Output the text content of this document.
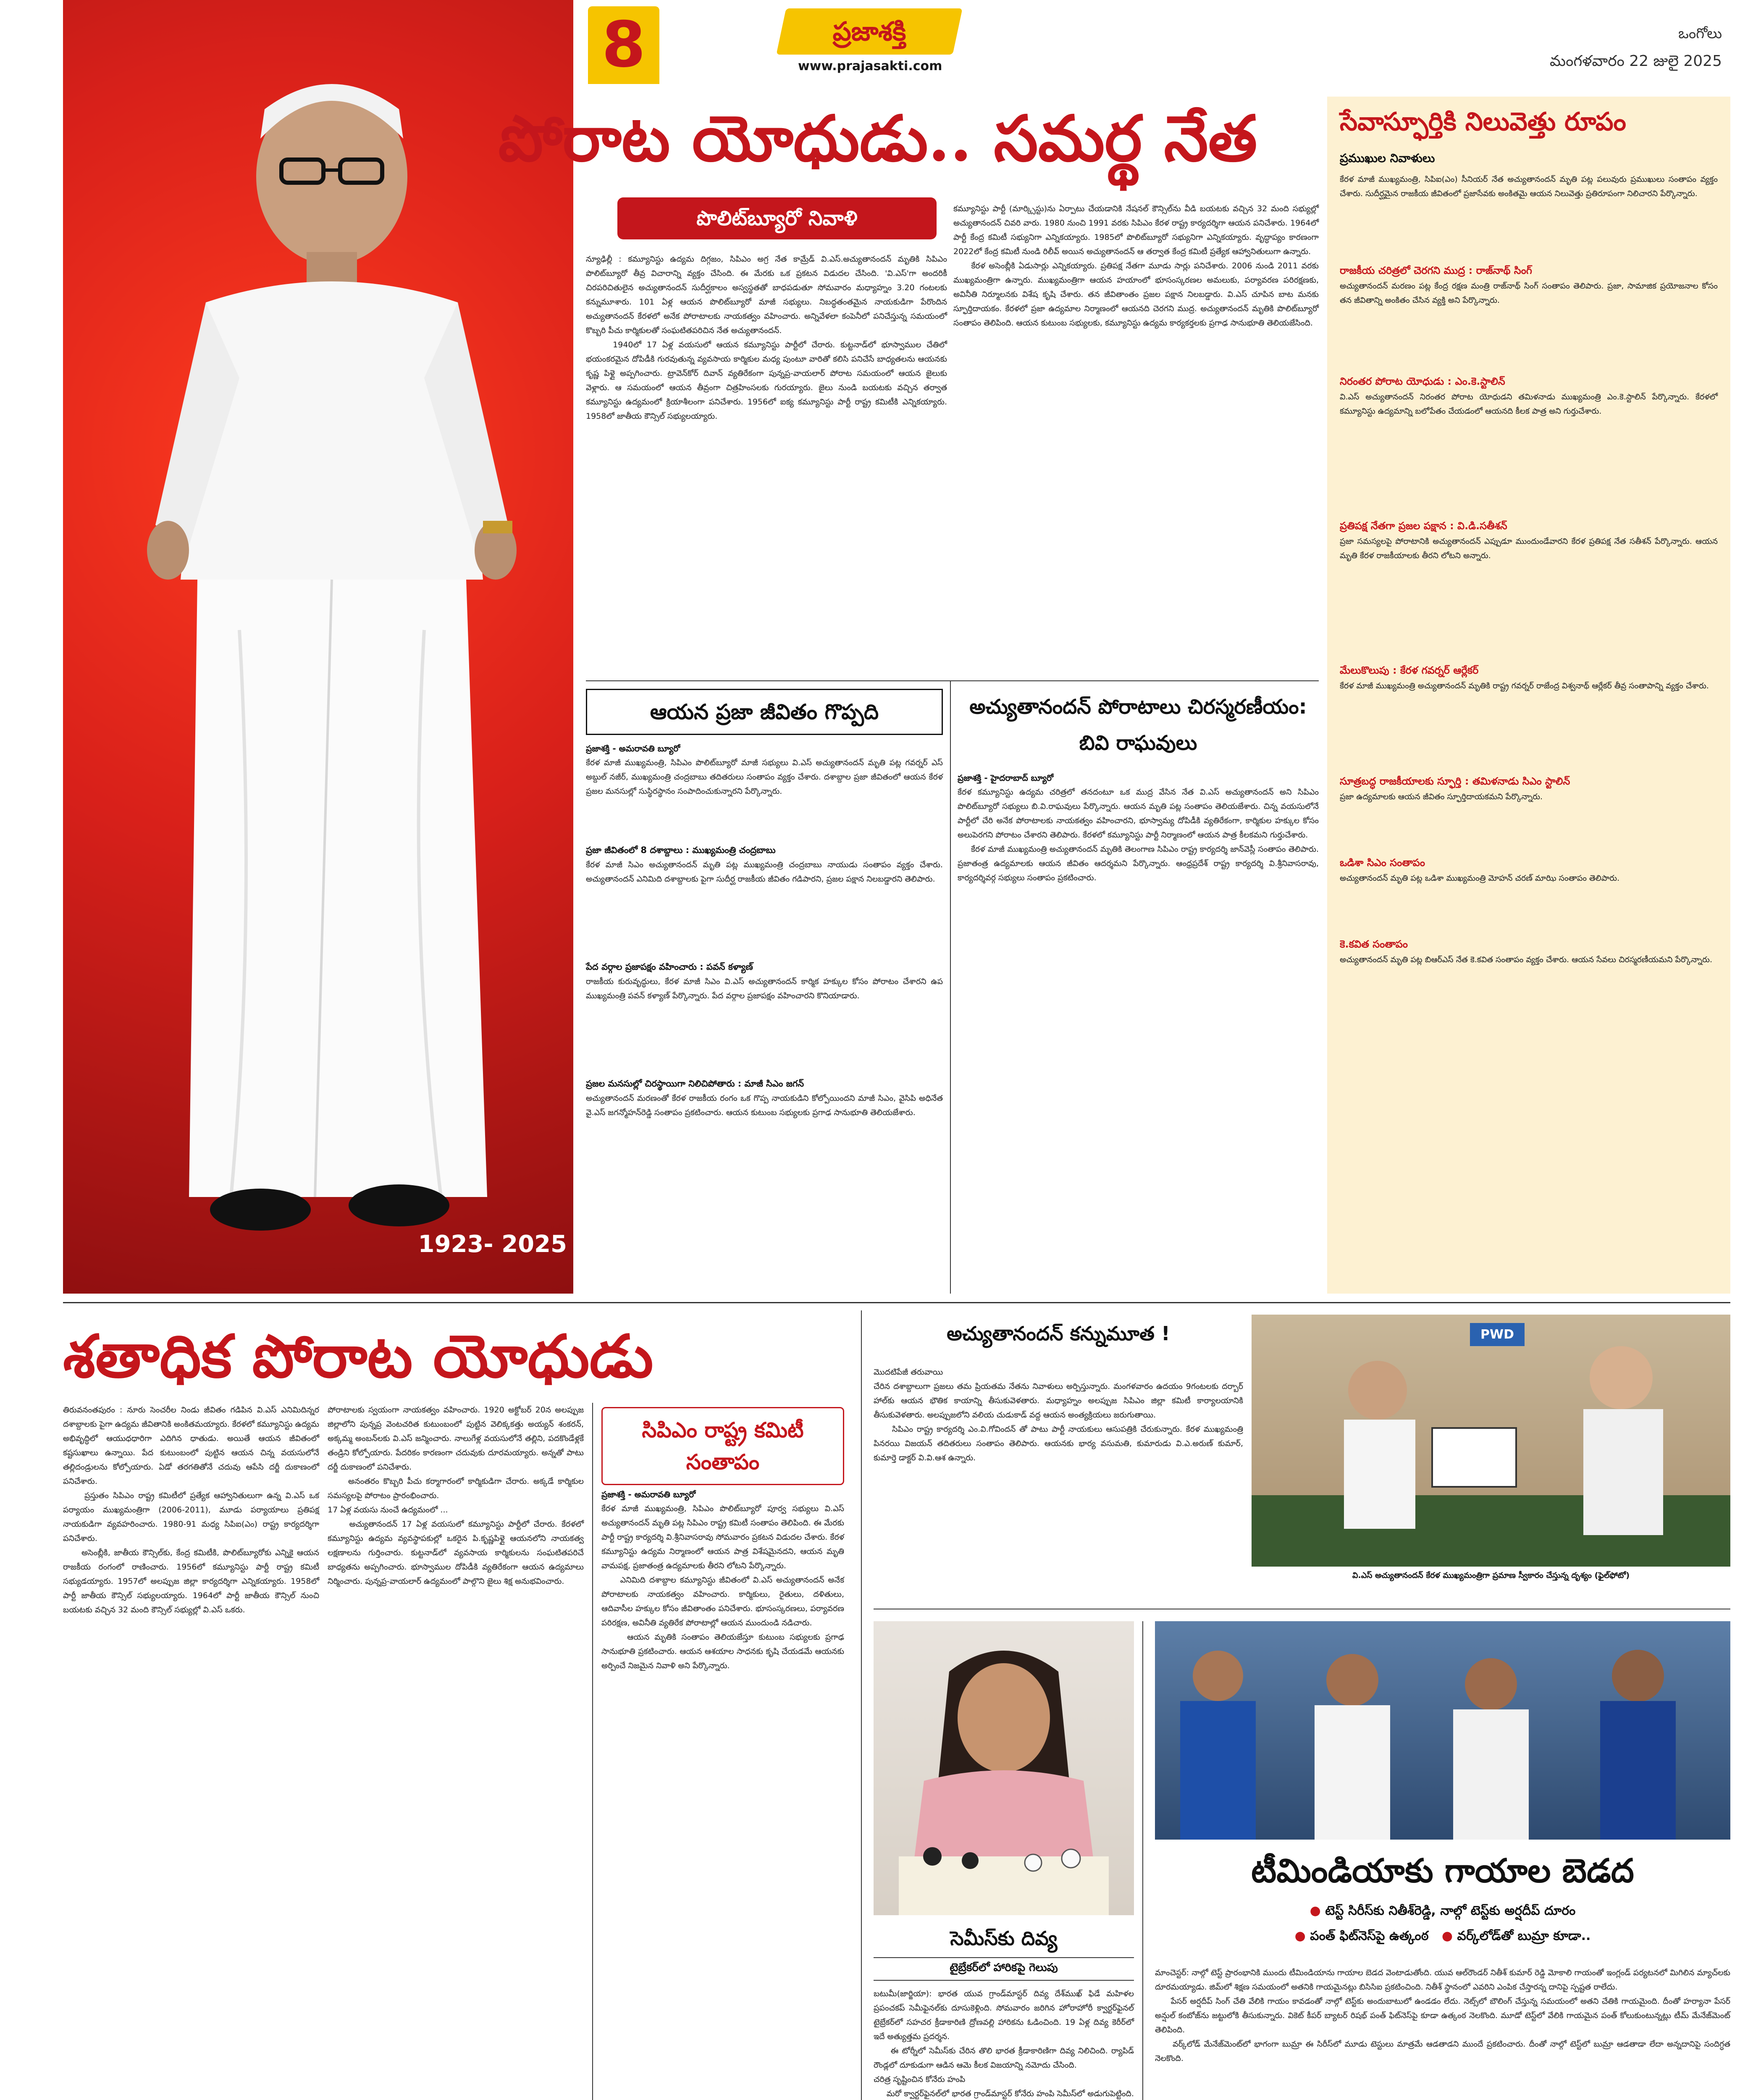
8	ప్రజాశక్తి
www.prajasakti.com
ఒంగోలు
మంగళవారం 22 జులై 2025
1923- 2025
పోరాట యోధుడు.. సమర్థ నేత
పొలిట్‌బ్యూరో నివాళి
న్యూఢిల్లీ : కమ్యూనిస్టు ఉద్యమ దిగ్గజం, సిపిఎం అగ్ర నేత కామ్రేడ్ వి.ఎస్.అచ్యుతానందన్ మృతికి సిపిఎం పొలిట్‌బ్యూరో తీవ్ర విచారాన్ని వ్యక్తం చేసింది. ఈ మేరకు ఒక ప్రకటన విడుదల చేసింది. 'వి.ఎస్'గా అందరికీ చిరపరిచితులైన అచ్యుతానందన్ సుదీర్ఘకాలం అస్వస్థతతో బాధపడుతూ సోమవారం మధ్యాహ్నం 3.20 గంటలకు కన్నుమూశారు. 101 ఏళ్ల ఆయన పొలిట్‌బ్యూరో మాజీ సభ్యులు. నిబద్ధతంతమైన నాయకుడిగా పేరొందిన అచ్యుతానందన్ కేరళలో అనేక పోరాటాలకు నాయకత్వం వహించారు. అన్నివేళలా కంపెనీలో పనిచేస్తున్న సమయంలో కొబ్బరి పీచు కార్మికులతో సంఘటితపరిచిన నేత అచ్యుతానందన్.
1940లో 17 ఏళ్ల వయసులో ఆయన కమ్యూనిస్టు పార్టీలో చేరారు. కుట్టనాడ్‌లో భూస్వాముల చేతిలో భయంకరమైన దోపిడీకి గురవుతున్న వ్యవసాయ కార్మికుల మధ్య పుంటూ వారితో కలిసి పనిచేసే బాధ్యతలను ఆయనకు కృష్ణ పిళ్లై అప్పగించారు. ట్రావెన్‌కోర్ దివాన్ వ్యతిరేకంగా పున్నప్ర-వాయలార్ పోరాట సమయంలో ఆయన జైలుకు వెళ్లారు. ఆ సమయంలో ఆయన తీవ్రంగా చిత్రహింసలకు గురయ్యారు. జైలు నుండి బయటకు వచ్చిన తర్వాత కమ్యూనిస్టు ఉద్యమంలో క్రియాశీలంగా పనిచేశారు. 1956లో ఐక్య కమ్యూనిస్టు పార్టీ రాష్ట్ర కమిటీకి ఎన్నికయ్యారు. 1958లో జాతీయ కౌన్సిల్ సభ్యులయ్యారు.
కమ్యూనిస్టు పార్టీ (మార్క్సిస్టు)ను ఏర్పాటు చేయడానికి నేషనల్ కౌన్సిల్‌ను వీడి బయటకు వచ్చిన 32 మంది సభ్యుల్లో అచ్యుతానందన్ చివరి వారు. 1980 నుంచి 1991 వరకు సిపిఎం కేరళ రాష్ట్ర కార్యదర్శిగా ఆయన పనిచేశారు. 1964లో పార్టీ కేంద్ర కమిటీ సభ్యునిగా ఎన్నికయ్యారు. 1985లో పొలిట్‌బ్యూరో సభ్యునిగా ఎన్నికయ్యారు. వృద్ధాప్యం కారణంగా 2022లో కేంద్ర కమిటీ నుండి రిలీవ్ అయిన అచ్యుతానందన్ ఆ తర్వాత కేంద్ర కమిటీ ప్రత్యేక ఆహ్వానితులుగా ఉన్నారు.
కేరళ అసెంబ్లీకి ఏడుసార్లు ఎన్నికయ్యారు. ప్రతిపక్ష నేతగా మూడు సార్లు పనిచేశారు. 2006 నుండి 2011 వరకు ముఖ్యమంత్రిగా ఉన్నారు. ముఖ్యమంత్రిగా ఆయన హయాంలో భూసంస్కరణల అమలుకు, పర్యావరణ పరిరక్షణకు, అవినీతి నిర్మూలనకు విశేష కృషి చేశారు. తన జీవితాంతం ప్రజల పక్షాన నిలబడ్డారు. వి.ఎస్ చూపిన బాట మనకు స్ఫూర్తిదాయకం. కేరళలో ప్రజా ఉద్యమాల నిర్మాణంలో ఆయనది చెరగని ముద్ర. అచ్యుతానందన్ మృతికి పొలిట్‌బ్యూరో సంతాపం తెలిపింది. ఆయన కుటుంబ సభ్యులకు, కమ్యూనిస్టు ఉద్యమ కార్యకర్తలకు ప్రగాఢ సానుభూతి తెలియజేసింది.
సేవాస్ఫూర్తికి నిలువెత్తు రూపం
ప్రముఖుల నివాళులు
కేరళ మాజీ ముఖ్యమంత్రి, సిపిఐ(ఎం) సీనియర్ నేత అచ్యుతానందన్ మృతి పట్ల పలువురు ప్రముఖులు సంతాపం వ్యక్తం చేశారు. సుదీర్ఘమైన రాజకీయ జీవితంలో ప్రజాసేవకు అంకితమై ఆయన నిలువెత్తు ప్రతిరూపంగా నిలిచారని పేర్కొన్నారు.
రాజకీయ చరిత్రలో చెరగని ముద్ర : రాజ్‌నాథ్ సింగ్
అచ్యుతానందన్ మరణం పట్ల కేంద్ర రక్షణ మంత్రి రాజ్‌నాథ్ సింగ్ సంతాపం తెలిపారు. ప్రజా, సామాజిక ప్రయోజనాల కోసం తన జీవితాన్ని అంకితం చేసిన వ్యక్తి అని పేర్కొన్నారు.
నిరంతర పోరాట యోధుడు : ఎం.కె.స్టాలిన్
వి.ఎస్ అచ్యుతానందన్ నిరంతర పోరాట యోధుడని తమిళనాడు ముఖ్యమంత్రి ఎం.కె.స్టాలిన్ పేర్కొన్నారు. కేరళలో కమ్యూనిస్టు ఉద్యమాన్ని బలోపేతం చేయడంలో ఆయనది కీలక పాత్ర అని గుర్తుచేశారు.
ప్రతిపక్ష నేతగా ప్రజల పక్షాన : వి.డి.సతీశన్
ప్రజా సమస్యలపై పోరాటానికి అచ్యుతానందన్ ఎప్పుడూ ముందుండేవారని కేరళ ప్రతిపక్ష నేత సతీశన్ పేర్కొన్నారు. ఆయన మృతి కేరళ రాజకీయాలకు తీరని లోటని అన్నారు.
మేలుకొలుపు : కేరళ గవర్నర్ ఆర్లేకర్
కేరళ మాజీ ముఖ్యమంత్రి అచ్యుతానందన్ మృతికి రాష్ట్ర గవర్నర్ రాజేంద్ర విశ్వనాథ్ ఆర్లేకర్ తీవ్ర సంతాపాన్ని వ్యక్తం చేశారు.
సూత్రబద్ధ రాజకీయాలకు స్ఫూర్తి : తమిళనాడు సిఎం స్టాలిన్
ప్రజా ఉద్యమాలకు ఆయన జీవితం స్ఫూర్తిదాయకమని పేర్కొన్నారు.
ఒడిశా సిఎం సంతాపం
అచ్యుతానందన్ మృతి పట్ల ఒడిశా ముఖ్యమంత్రి మోహన్ చరణ్ మాఝి సంతాపం తెలిపారు.
కె.కవిత సంతాపం
అచ్యుతానందన్ మృతి పట్ల బిఆర్ఎస్ నేత కె.కవిత సంతాపం వ్యక్తం చేశారు. ఆయన సేవలు చిరస్మరణీయమని పేర్కొన్నారు.
ఆయన ప్రజా జీవితం గొప్పది
ప్రజాశక్తి - అమరావతి బ్యూరో
కేరళ మాజీ ముఖ్యమంత్రి, సిపిఎం పొలిట్‌బ్యూరో మాజీ సభ్యులు వి.ఎస్ అచ్యుతానందన్ మృతి పట్ల గవర్నర్ ఎస్ అబ్దుల్ నజీర్, ముఖ్యమంత్రి చంద్రబాబు తదితరులు సంతాపం వ్యక్తం చేశారు. దశాబ్దాల ప్రజా జీవితంలో ఆయన కేరళ ప్రజల మనసుల్లో సుస్థిరస్థానం సంపాదించుకున్నారని పేర్కొన్నారు.
ప్రజా జీవితంలో 8 దశాబ్దాలు : ముఖ్యమంత్రి చంద్రబాబు
కేరళ మాజీ సిఎం అచ్యుతానందన్ మృతి పట్ల ముఖ్యమంత్రి చంద్రబాబు నాయుడు సంతాపం వ్యక్తం చేశారు. అచ్యుతానందన్ ఎనిమిది దశాబ్దాలకు పైగా సుదీర్ఘ రాజకీయ జీవితం గడిపారని, ప్రజల పక్షాన నిలబడ్డారని తెలిపారు.
పేద వర్గాల ప్రజాపక్షం వహించారు : పవన్ కళ్యాణ్
రాజకీయ కురువృద్ధులు, కేరళ మాజీ సిఎం వి.ఎస్ అచ్యుతానందన్ కార్మిక హక్కుల కోసం పోరాటం చేశారని ఉప ముఖ్యమంత్రి పవన్ కళ్యాణ్ పేర్కొన్నారు. పేద వర్గాల ప్రజాపక్షం వహించారని కొనియాడారు.
ప్రజల మనసుల్లో చిరస్థాయిగా నిలిచిపోతారు : మాజీ సిఎం జగన్
అచ్యుతానందన్ మరణంతో కేరళ రాజకీయ రంగం ఒక గొప్ప నాయకుడిని కోల్పోయిందని మాజీ సిఎం, వైసిపి అధినేత వై.ఎస్ జగన్మోహన్‌రెడ్డి సంతాపం ప్రకటించారు. ఆయన కుటుంబ సభ్యులకు ప్రగాఢ సానుభూతి తెలియజేశారు.
అచ్యుతానందన్ పోరాటాలు చిరస్మరణీయం: బివి రాఘవులు
ప్రజాశక్తి - హైదరాబాద్ బ్యూరో
కేరళ కమ్యూనిస్టు ఉద్యమ చరిత్రలో తనదంటూ ఒక ముద్ర వేసిన నేత వి.ఎస్ అచ్యుతానందన్ అని సిపిఎం పొలిట్‌బ్యూరో సభ్యులు బి.వి.రాఘవులు పేర్కొన్నారు. ఆయన మృతి పట్ల సంతాపం తెలియజేశారు. చిన్న వయసులోనే పార్టీలో చేరి అనేక పోరాటాలకు నాయకత్వం వహించారని, భూస్వామ్య దోపిడీకి వ్యతిరేకంగా, కార్మికుల హక్కుల కోసం అలుపెరగని పోరాటం చేశారని తెలిపారు. కేరళలో కమ్యూనిస్టు పార్టీ నిర్మాణంలో ఆయన పాత్ర కీలకమని గుర్తుచేశారు.
కేరళ మాజీ ముఖ్యమంత్రి అచ్యుతానందన్ మృతికి తెలంగాణ సిపిఎం రాష్ట్ర కార్యదర్శి జాన్‌వెస్లీ సంతాపం తెలిపారు. ప్రజాతంత్ర ఉద్యమాలకు ఆయన జీవితం ఆదర్శమని పేర్కొన్నారు. ఆంధ్రప్రదేశ్ రాష్ట్ర కార్యదర్శి వి.శ్రీనివాసరావు, కార్యదర్శివర్గ సభ్యులు సంతాపం ప్రకటించారు.
శతాధిక పోరాట యోధుడు
తిరువనంతపురం : నూరు సెంచరీల నిండు జీవితం గడిపిన వి.ఎస్ ఎనిమిదిన్నర దశాబ్దాలకు పైగా ఉద్యమ జీవితానికి అంకితమయ్యారు. కేరళలో కమ్యూనిస్టు ఉద్యమ అభివృద్ధిలో ఆయుధధారిగా ఎదిగిన ధాతుడు. అయితే ఆయన జీవితంలో కష్టసుఖాలు ఉన్నాయి. పేద కుటుంబంలో పుట్టిన ఆయన చిన్న వయసులోనే తల్లిదండ్రులను కోల్పోయారు. ఏడో తరగతితోనే చదువు ఆపేసి దర్జీ దుకాణంలో పనిచేశారు.
ప్రస్తుతం సిపిఎం రాష్ట్ర కమిటీలో ప్రత్యేక ఆహ్వానితులుగా ఉన్న వి.ఎస్ ఒక పర్యాయం ముఖ్యమంత్రిగా (2006-2011), మూడు పర్యాయాలు ప్రతిపక్ష నాయకుడిగా వ్యవహరించారు. 1980-91 మధ్య సిపిఐ(ఎం) రాష్ట్ర కార్యదర్శిగా పనిచేశారు.
అసెంబ్లీకి, జాతీయ కౌన్సిల్‌కు, కేంద్ర కమిటీకి, పొలిట్‌బ్యూరోకు ఎన్నికై ఆయన రాజకీయ రంగంలో రాణించారు. 1956లో కమ్యూనిస్టు పార్టీ రాష్ట్ర కమిటీ సభ్యుడయ్యారు. 1957లో అలప్పుజ జిల్లా కార్యదర్శిగా ఎన్నికయ్యారు. 1958లో పార్టీ జాతీయ కౌన్సిల్ సభ్యులయ్యారు. 1964లో పార్టీ జాతీయ కౌన్సిల్ నుంచి బయటకు వచ్చిన 32 మంది కౌన్సిల్ సభ్యుల్లో వి.ఎస్ ఒకరు.
పోరాటాలకు స్వయంగా నాయకత్వం వహించారు. 1920 అక్టోబర్ 20న అలప్పుజ జిల్లాలోని పున్నప్ర వెంటచరిత కుటుంబంలో పుట్టిన వెలిక్కకత్తు అయ్యన్ శంకరన్, అక్కమ్మ అంబన్‌లకు వి.ఎస్ జన్మించారు. నాలుగేళ్ల వయసులోనే తల్లిని, పదకొండేళ్లకే తండ్రిని కోల్పోయారు. పేదరికం కారణంగా చదువుకు దూరమయ్యారు. అన్నతో పాటు దర్జీ దుకాణంలో పనిచేశారు.
అనంతరం కొబ్బరి పీచు కర్మాగారంలో కార్మికుడిగా చేరారు. అక్కడే కార్మికుల సమస్యలపై పోరాటం ప్రారంభించారు.
17 ఏళ్ల వయసు నుంచే ఉద్యమంలో ...
అచ్యుతానందన్ 17 ఏళ్ల వయసులో కమ్యూనిస్టు పార్టీలో చేరారు. కేరళలో కమ్యూనిస్టు ఉద్యమ వ్యవస్థాపకుల్లో ఒకరైన పి.కృష్ణపిళ్లై ఆయనలోని నాయకత్వ లక్షణాలను గుర్తించారు. కుట్టనాడ్‌లో వ్యవసాయ కార్మికులను సంఘటితపరిచే బాధ్యతను అప్పగించారు. భూస్వాముల దోపిడీకి వ్యతిరేకంగా ఆయన ఉద్యమాలు నిర్మించారు. పున్నప్ర-వాయలార్ ఉద్యమంలో పాల్గొని జైలు శిక్ష అనుభవించారు.
సిపిఎం రాష్ట్ర కమిటీ సంతాపం
ప్రజాశక్తి - అమరావతి బ్యూరో
కేరళ మాజీ ముఖ్యమంత్రి, సిపిఎం పొలిట్‌బ్యూరో పూర్వ సభ్యులు వి.ఎస్ అచ్యుతానందన్ మృతి పట్ల సిపిఎం రాష్ట్ర కమిటీ సంతాపం తెలిపింది. ఈ మేరకు పార్టీ రాష్ట్ర కార్యదర్శి వి.శ్రీనివాసరావు సోమవారం ప్రకటన విడుదల చేశారు. కేరళ కమ్యూనిస్టు ఉద్యమ నిర్మాణంలో ఆయన పాత్ర విశేషమైనదని, ఆయన మృతి వామపక్ష, ప్రజాతంత్ర ఉద్యమాలకు తీరని లోటని పేర్కొన్నారు.
ఎనిమిది దశాబ్దాల కమ్యూనిస్టు జీవితంలో వి.ఎస్ అచ్యుతానందన్ అనేక పోరాటాలకు నాయకత్వం వహించారు. కార్మికులు, రైతులు, దళితులు, ఆదివాసీల హక్కుల కోసం జీవితాంతం పనిచేశారు. భూసంస్కరణలు, పర్యావరణ పరిరక్షణ, అవినీతి వ్యతిరేక పోరాటాల్లో ఆయన ముందుండి నడిచారు.
ఆయన మృతికి సంతాపం తెలియజేస్తూ కుటుంబ సభ్యులకు ప్రగాఢ సానుభూతి ప్రకటించారు. ఆయన ఆశయాల సాధనకు కృషి చేయడమే ఆయనకు అర్పించే నిజమైన నివాళి అని పేర్కొన్నారు.
అచ్యుతానందన్ కన్నుమూత !
మొదటిపేజీ తరువాయి
చేరిన దశాబ్దాలుగా ప్రజలు తమ ప్రియతమ నేతను నివాళులు అర్పిస్తున్నారు. మంగళవారం ఉదయం 9గంటలకు దర్బార్ హాల్‌కు ఆయన భౌతిక కాయాన్ని తీసుకువెళతారు. మధ్యాహ్నం అలప్పుజ సిపిఎం జిల్లా కమిటీ కార్యాలయానికి తీసుకువెళతారు. అలప్పుజలోని వలియ చుడుకాడ్ వద్ద ఆయన అంత్యక్రియలు జరుగుతాయి.
సిపిఎం రాష్ట్ర కార్యదర్శి ఎం.వి.గోవిందన్ తో పాటు పార్టీ నాయకులు ఆసుపత్రికి చేరుకున్నారు. కేరళ ముఖ్యమంత్రి పినరయి విజయన్ తదితరులు సంతాపం తెలిపారు. ఆయనకు భార్య వసుమతి, కుమారుడు వి.ఎ.అరుణ్ కుమార్, కుమార్తె డాక్టర్ వి.వి.ఆశ ఉన్నారు.
PWD
వి.ఎస్ అచ్యుతానందన్ కేరళ ముఖ్యమంత్రిగా ప్రమాణ స్వీకారం చేస్తున్న దృశ్యం (ఫైల్‌ఫోటో)
సెమీస్‌కు దివ్య
టైబ్రేకర్‌లో హారికపై గెలుపు
బటుమీ(జార్జియా): భారత యువ గ్రాండ్‌మాస్టర్ దివ్య దేశ్‌ముఖ్ ఫిడే మహిళల ప్రపంచకప్ సెమీఫైనల్‌కు దూసుకెళ్లింది. సోమవారం జరిగిన హోరాహోరీ క్వార్టర్‌ఫైనల్ టైబ్రేకర్‌లో సహచర క్రీడాకారిణి ద్రోణవల్లి హారికను ఓడించింది. 19 ఏళ్ల దివ్య కెరీర్‌లో ఇదే అత్యుత్తమ ప్రదర్శన.
ఈ టోర్నీలో సెమీస్‌కు చేరిన తొలి భారత క్రీడాకారిణిగా దివ్య నిలిచింది. ర్యాపిడ్ రౌండ్లలో దూకుడుగా ఆడిన ఆమె కీలక విజయాన్ని నమోదు చేసింది.
చరిత్ర సృష్టించిన కోనేరు హంపి
మరో క్వార్టర్‌ఫైనల్‌లో భారత గ్రాండ్‌మాస్టర్ కోనేరు హంపి సెమీస్‌లో అడుగుపెట్టింది.
టీమిండియాకు గాయాల బెడద
● టెస్ట్ సిరీస్‌కు నితీశ్‌రెడ్డి, నాల్గో టెస్ట్‌కు అర్షదీప్ దూరం
● పంత్ ఫిట్‌నెస్‌పై ఉత్కంఠ ● వర్క్‌లోడ్‌తో బుమ్రా కూడా..
మాంచెస్టర్: నాల్గో టెస్ట్ ప్రారంభానికి ముందు టీమిండియాను గాయాల బెడద వెంటాడుతోంది. యువ ఆల్‌రౌండర్ నితీశ్ కుమార్ రెడ్డి మోకాలి గాయంతో ఇంగ్లండ్ పర్యటనలో మిగిలిన మ్యాచ్‌లకు దూరమయ్యాడు. జిమ్‌లో శిక్షణ సమయంలో అతనికి గాయమైనట్లు బిసిసిఐ ప్రకటించింది. నితీశ్ స్థానంలో ఎవరిని ఎంపిక చేస్తారన్న దానిపై స్పష్టత రాలేదు.
పేసర్ అర్షదీప్ సింగ్ చేతి వేలికి గాయం కావడంతో నాల్గో టెస్ట్‌కు అందుబాటులో ఉండడం లేదు. నెట్స్‌లో బౌలింగ్ చేస్తున్న సమయంలో అతని చేతికి గాయమైంది. దీంతో హర్యానా పేసర్ అన్షుల్ కంబోజ్‌ను జట్టులోకి తీసుకున్నారు. వికెట్ కీపర్ బ్యాటర్ రిషభ్ పంత్ ఫిట్‌నెస్‌పై కూడా ఉత్కంఠ నెలకొంది. మూడో టెస్ట్‌లో వేలికి గాయమైన పంత్ కోలుకుంటున్నట్లు టీమ్ మేనేజ్‌మెంట్ తెలిపింది.
వర్క్‌లోడ్ మేనేజ్‌మెంట్‌లో భాగంగా బుమ్రా ఈ సిరీస్‌లో మూడు టెస్టులు మాత్రమే ఆడతాడని ముందే ప్రకటించారు. దీంతో నాల్గో టెస్ట్‌లో బుమ్రా ఆడతాడా లేదా అన్నదానిపై సందిగ్ధత నెలకొంది.
